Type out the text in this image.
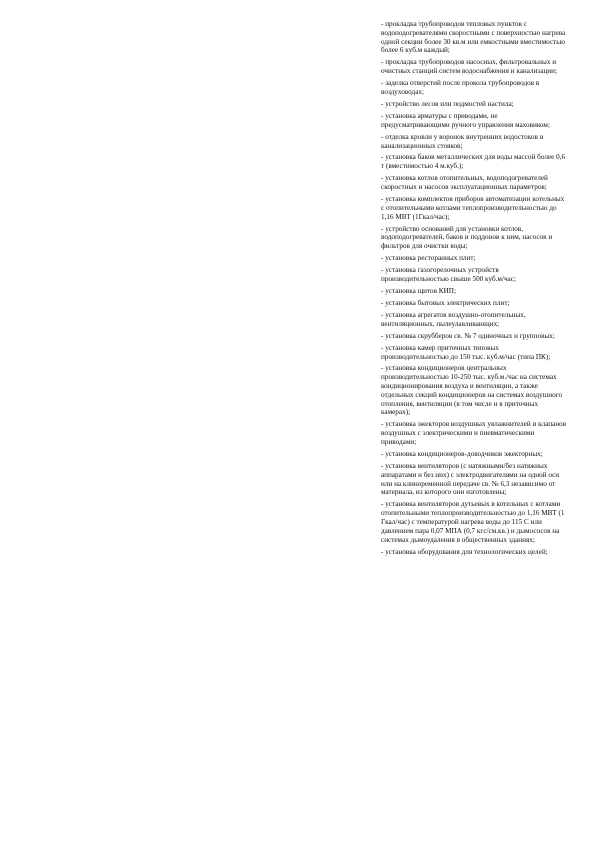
- прокладка трубопроводов тепловых пунктов с водоподогревателями скоростными с поверхностью нагрева одной секции более 30 кв.м или емкостными вместимостью более 6 куб.м каждый;
- прокладка трубопроводов насосных, фильтровальных и очистных станций систем водоснабжения и канализации;
- заделка отверстий после прокола трубопроводов в воздуховодах;
- устройство лесов или подмостей настила;
- установка арматуры с приводами, не предусматривающими ручного управления маховиком;
- отделка кровли у воронок внутренних водостоков и канализационных стояков;
- установка баков металлических для воды массой более 0,6 т (вместимостью 4 м.куб.);
- установка котлов отопительных, водоподогревателей скоростных и насосов эксплуатационных параметров;
- установка комплектов приборов автоматизации котельных с отопительными котлами теплопроизводительностью до 1,16 МВТ (1Гкал/час);
- устройство оснований для установки котлов, водоподогревателей, баков и поддонов к ним, насосов и фильтров для очистки воды;
- установка ресторанных плит;
- установка газогорелочных устройств производительностью свыше 500 куб.м/час;
- установка щитов КИП;
- установка бытовых электрических плит;
- установка агрегатов воздушно-отопительных, вентиляционных, пылеулавливающих;
- установка скрубберов св. № 7 одиночных и групповых;
- установка камер приточных типовых производительностью до 150 тыс. куб.м/час (типа ПК);
- установка кондиционеров центральных производительностью 10-250 тыс. куб.м./час на системах кондиционирования воздуха и вентиляции, а также отдельных секций кондиционеров на системах воздушного отопления, вентиляции (в том числе и в приточных камерах);
- установка эжекторов воздушных увлажнителей и клапанов воздушных с электрическими и пневматическими приводами;
- установка кондиционеров-доводчиков эжекторных;
- установка вентиляторов (с натяжными/без натяжных аппаратами и без них) с электродвигателями на одной оси или на клиноременной передаче св. № 6,3 независимо от материала, из которого они изготовлены;
- установка вентиляторов дутьевых в котельных с котлами отопительными теплопроизводительностью до 1,16 МВТ (1 Гкал/час) с температурой нагрева воды до 115 С или давлением пара 0,07 МПА (0,7 кгс/см.кв.) и дымососов на системах дымоудаления в общественных зданиях;
- установка оборудования для технологических целей;
